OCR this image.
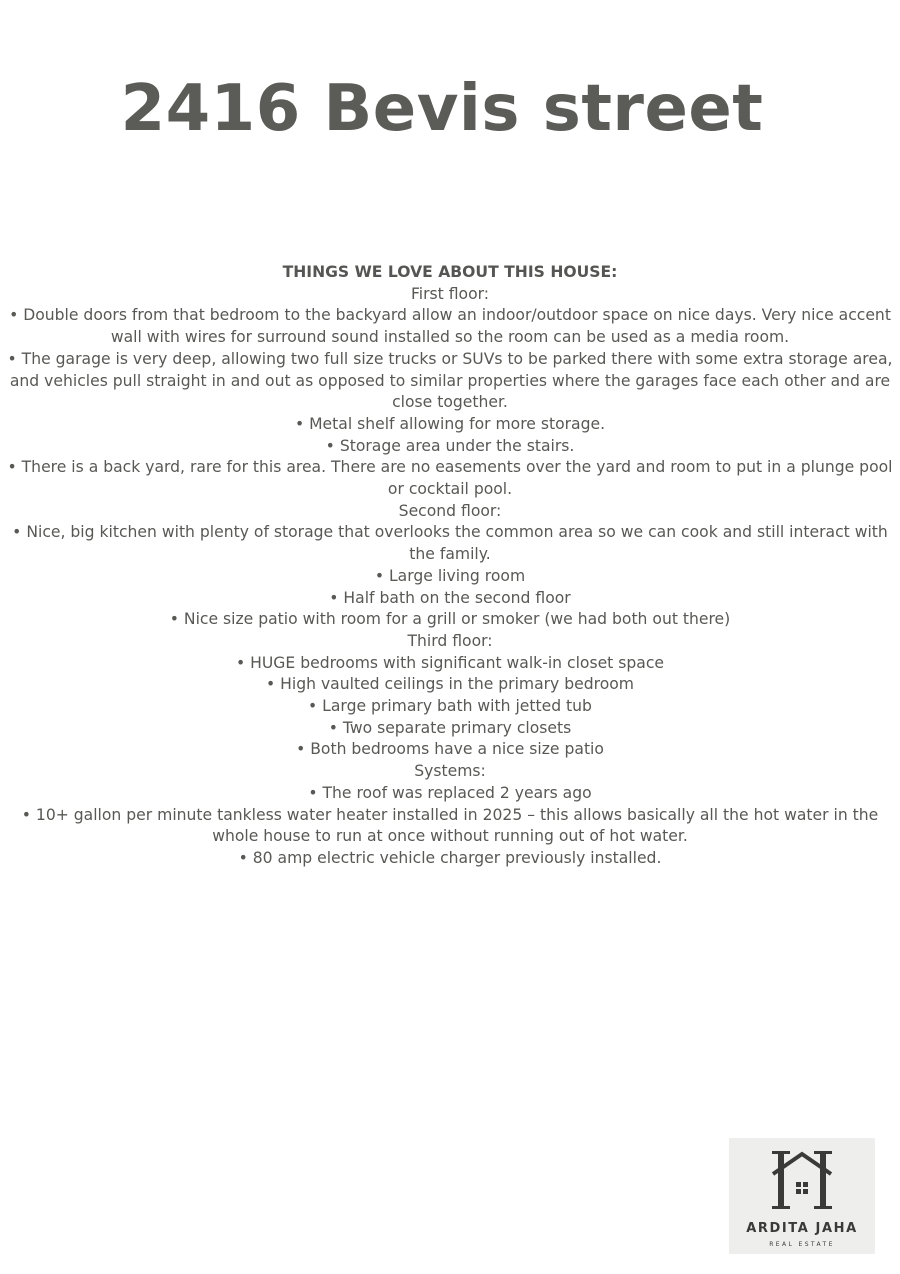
2416 Bevis street

THINGS WE LOVE ABOUT THIS HOUSE:

First floor:

• Double doors from that bedroom to the backyard allow an indoor/outdoor space on nice days. Very nice accent wall with wires for surround sound installed so the room can be used as a media room.

• The garage is very deep, allowing two full size trucks or SUVs to be parked there with some extra storage area, and vehicles pull straight in and out as opposed to similar properties where the garages face each other and are close together.

• Metal shelf allowing for more storage.

• Storage area under the stairs.

• There is a back yard, rare for this area. There are no easements over the yard and room to put in a plunge pool or cocktail pool.

Second floor:

• Nice, big kitchen with plenty of storage that overlooks the common area so we can cook and still interact with the family.

• Large living room

• Half bath on the second floor

• Nice size patio with room for a grill or smoker (we had both out there)

Third floor:

• HUGE bedrooms with significant walk-in closet space

• High vaulted ceilings in the primary bedroom

• Large primary bath with jetted tub

• Two separate primary closets

• Both bedrooms have a nice size patio

Systems:

• The roof was replaced 2 years ago

• 10+ gallon per minute tankless water heater installed in 2025 – this allows basically all the hot water in the whole house to run at once without running out of hot water.

• 80 amp electric vehicle charger previously installed.

ARDITA JAHA
REAL ESTATE
